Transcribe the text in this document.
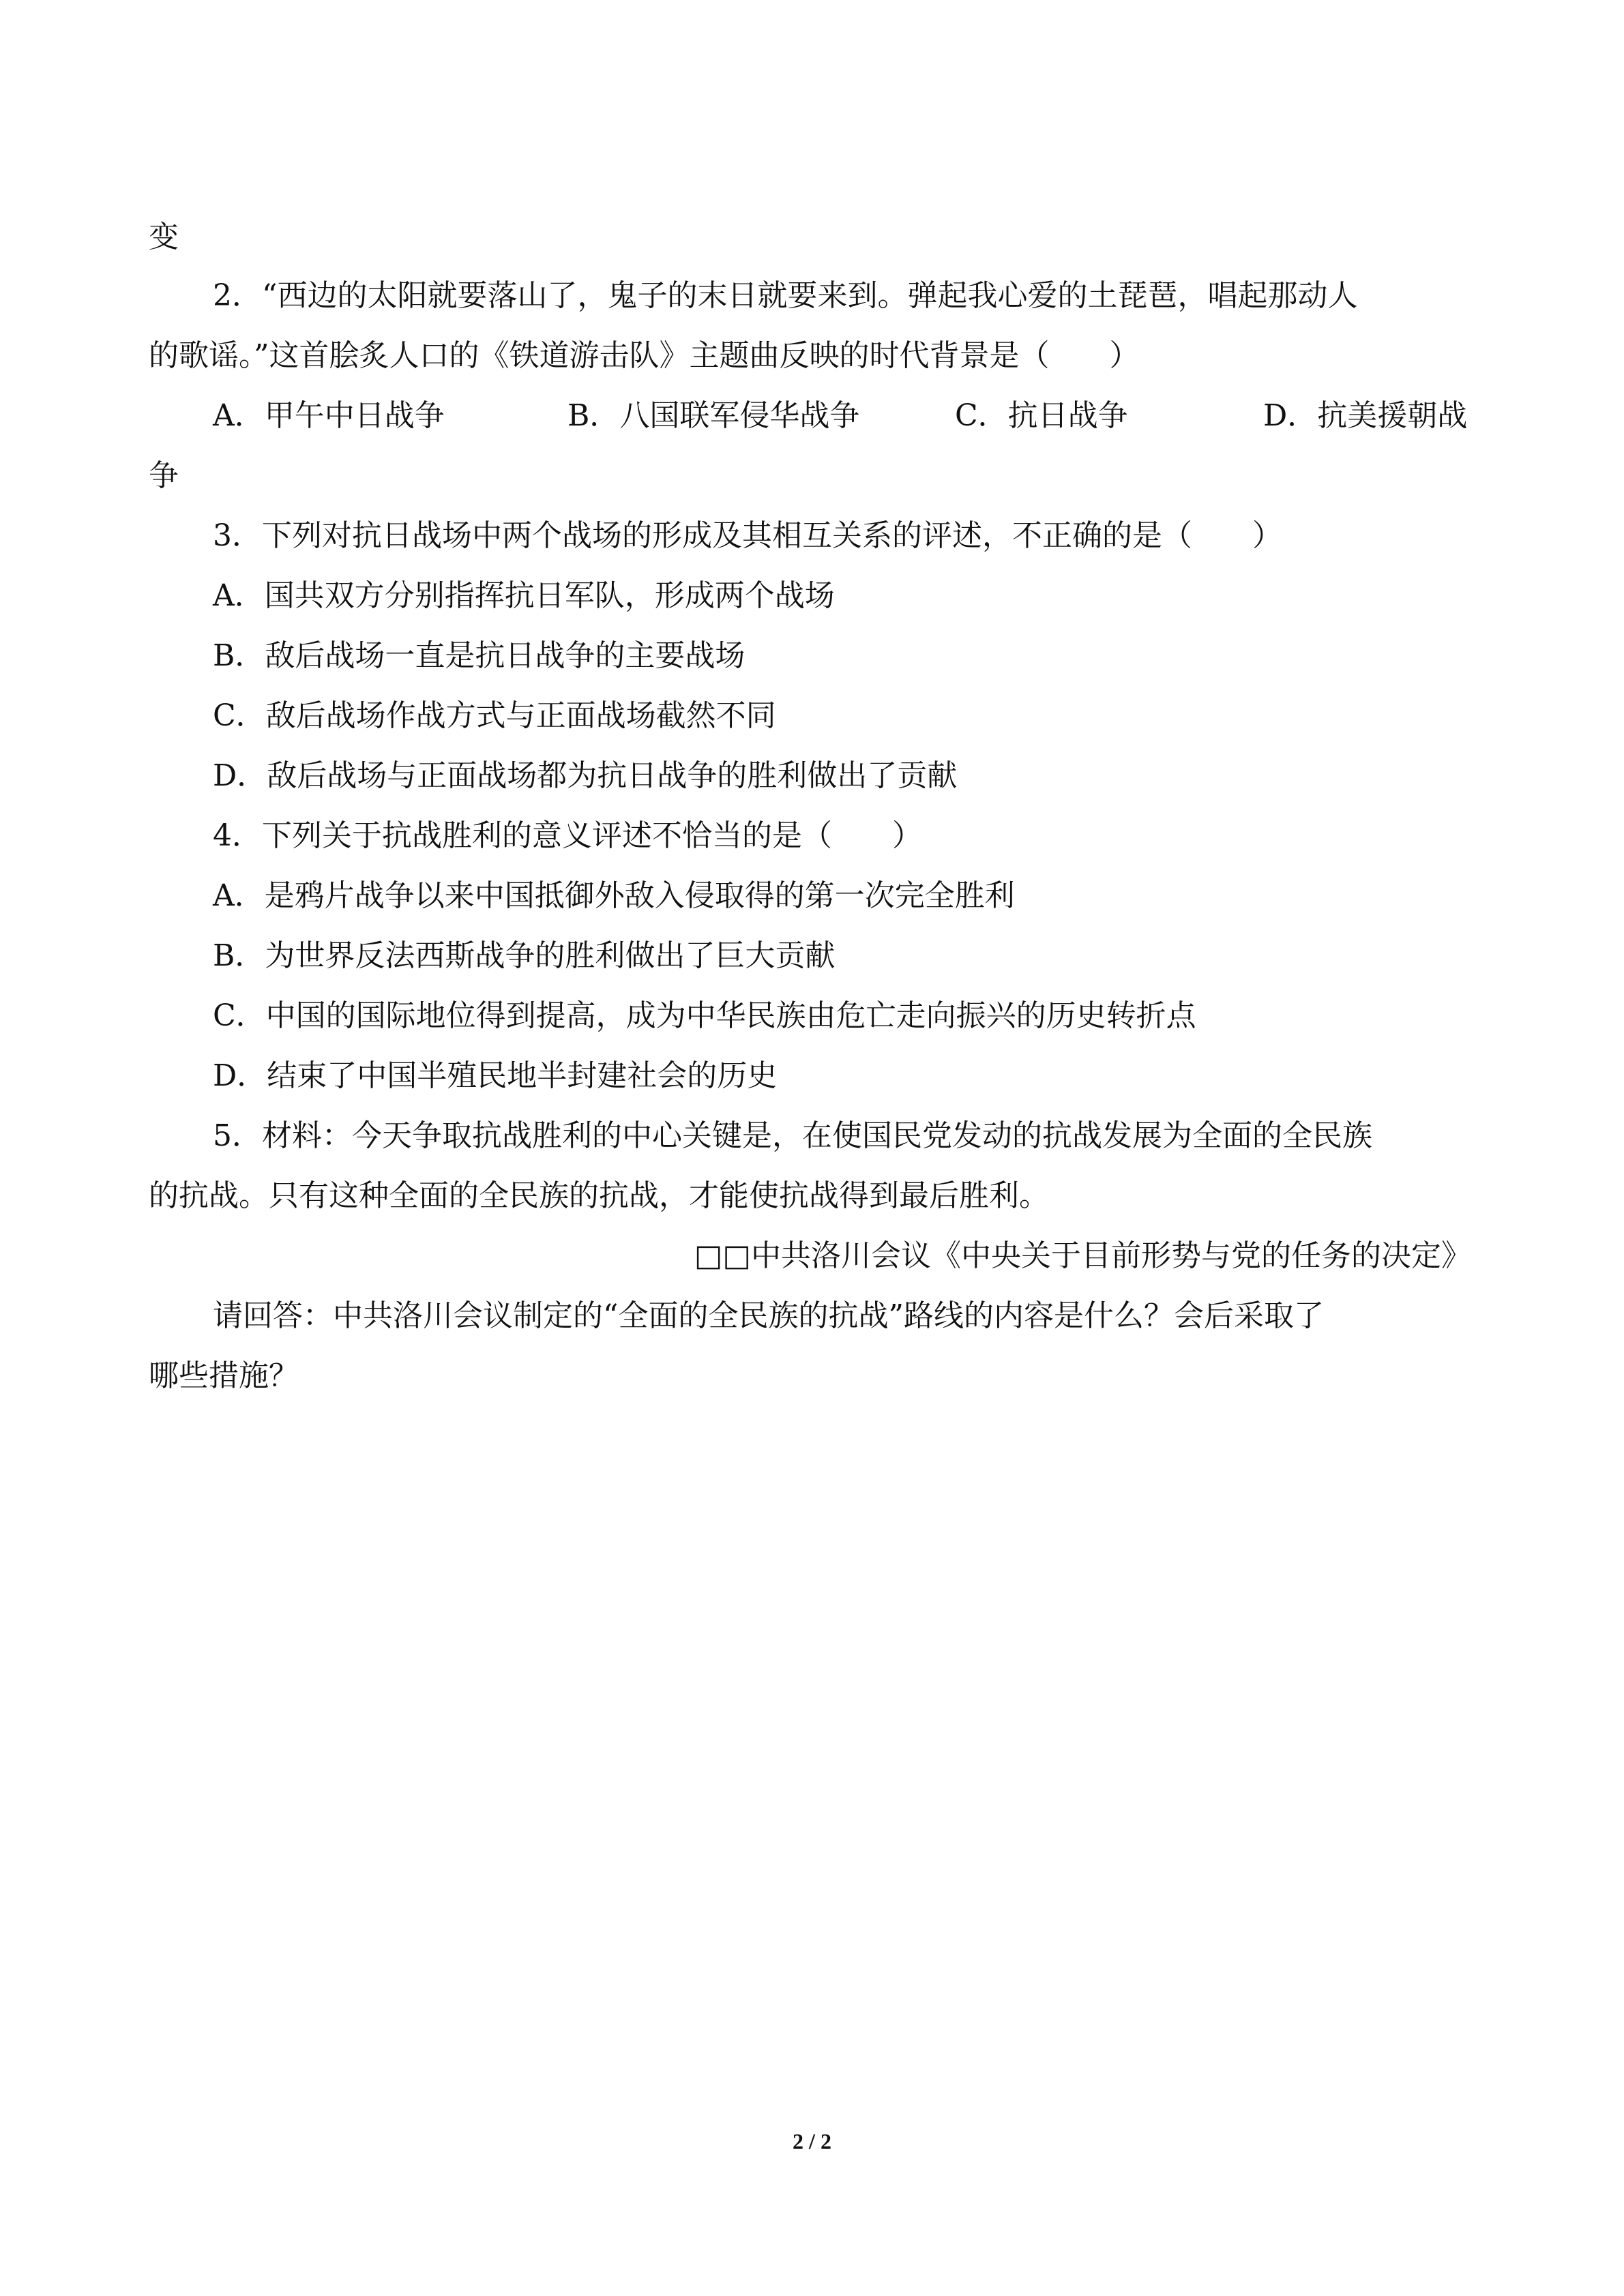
变
2．“西边的太阳就要落山了，鬼子的末日就要来到。弹起我心爱的土琵琶，唱起那动人
的歌谣。”这首脍炙人口的《铁道游击队》主题曲反映的时代背景是（　　）
A．甲午中日战争	B．八国联军侵华战争	C．抗日战争	D．抗美援朝战
争
3．下列对抗日战场中两个战场的形成及其相互关系的评述，不正确的是（　　）
A．国共双方分别指挥抗日军队，形成两个战场
B．敌后战场一直是抗日战争的主要战场
C．敌后战场作战方式与正面战场截然不同
D．敌后战场与正面战场都为抗日战争的胜利做出了贡献
4．下列关于抗战胜利的意义评述不恰当的是（　　）
A．是鸦片战争以来中国抵御外敌入侵取得的第一次完全胜利
B．为世界反法西斯战争的胜利做出了巨大贡献
C．中国的国际地位得到提高，成为中华民族由危亡走向振兴的历史转折点
D．结束了中国半殖民地半封建社会的历史
5．材料：今天争取抗战胜利的中心关键是，在使国民党发动的抗战发展为全面的全民族
的抗战。只有这种全面的全民族的抗战，才能使抗战得到最后胜利。
□□中共洛川会议《中央关于目前形势与党的任务的决定》
请回答：中共洛川会议制定的“全面的全民族的抗战”路线的内容是什么？会后采取了
哪些措施？
2 / 2
